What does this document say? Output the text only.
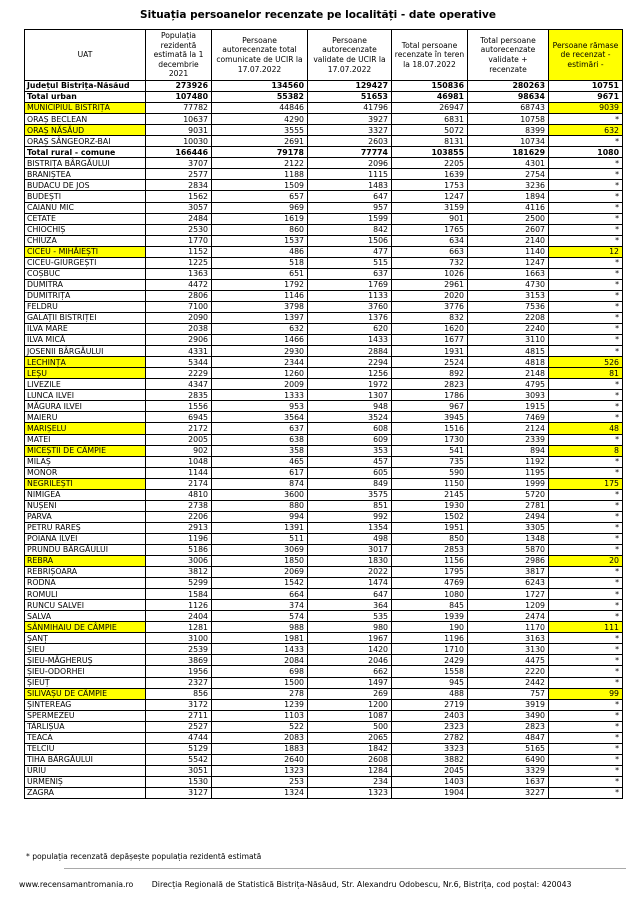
Situația persoanelor recenzate pe localități - date operative
UAT	Populația rezidentă estimată la 1 decembrie 2021	Persoane autorecenzate total comunicate de UCIR la 17.07.2022	Persoane autorecenzate validate de UCIR la 17.07.2022	Total persoane recenzate în teren la 18.07.2022	Total persoane autorecenzate validate + recenzate	Persoane rămase de recenzat - estimări -
Județul Bistrița-Năsăud	273926	134560	129427	150836	280263	10751
Total urban	107480	55382	51653	46981	98634	9671
MUNICIPIUL BISTRIȚA	77782	44846	41796	26947	68743	9039
ORAȘ BECLEAN	10637	4290	3927	6831	10758	*
ORAȘ NĂSĂUD	9031	3555	3327	5072	8399	632
ORAȘ SÂNGEORZ-BAI	10030	2691	2603	8131	10734	*
Total rural - comune	166446	79178	77774	103855	181629	1080
BISTRIȚA BÂRGĂULUI	3707	2122	2096	2205	4301	*
BRANIȘTEA	2577	1188	1115	1639	2754	*
BUDACU DE JOS	2834	1509	1483	1753	3236	*
BUDEȘTI	1562	657	647	1247	1894	*
CAIANU MIC	3057	969	957	3159	4116	*
CETATE	2484	1619	1599	901	2500	*
CHIOCHIȘ	2530	860	842	1765	2607	*
CHIUZA	1770	1537	1506	634	2140	*
CICEU - MIHĂIEȘTI	1152	486	477	663	1140	12
CICEU-GIURGEȘTI	1225	518	515	732	1247	*
COȘBUC	1363	651	637	1026	1663	*
DUMITRA	4472	1792	1769	2961	4730	*
DUMITRIȚA	2806	1146	1133	2020	3153	*
FELDRU	7100	3798	3760	3776	7536	*
GALAȚII BISTRIȚEI	2090	1397	1376	832	2208	*
ILVA MARE	2038	632	620	1620	2240	*
ILVA MICĂ	2906	1466	1433	1677	3110	*
JOSENII BÂRGĂULUI	4331	2930	2884	1931	4815	*
LECHINȚA	5344	2344	2294	2524	4818	526
LEȘU	2229	1260	1256	892	2148	81
LIVEZILE	4347	2009	1972	2823	4795	*
LUNCA ILVEI	2835	1333	1307	1786	3093	*
MĂGURA ILVEI	1556	953	948	967	1915	*
MAIERU	6945	3564	3524	3945	7469	*
MARIȘELU	2172	637	608	1516	2124	48
MATEI	2005	638	609	1730	2339	*
MICEȘTII DE CÂMPIE	902	358	353	541	894	8
MILAȘ	1048	465	457	735	1192	*
MONOR	1144	617	605	590	1195	*
NEGRILEȘTI	2174	874	849	1150	1999	175
NIMIGEA	4810	3600	3575	2145	5720	*
NUȘENI	2738	880	851	1930	2781	*
PARVA	2206	994	992	1502	2494	*
PETRU RAREȘ	2913	1391	1354	1951	3305	*
POIANA ILVEI	1196	511	498	850	1348	*
PRUNDU BÂRGĂULUI	5186	3069	3017	2853	5870	*
REBRA	3006	1850	1830	1156	2986	20
REBRIȘOARA	3812	2069	2022	1795	3817	*
RODNA	5299	1542	1474	4769	6243	*
ROMULI	1584	664	647	1080	1727	*
RUNCU SALVEI	1126	374	364	845	1209	*
SALVA	2404	574	535	1939	2474	*
SÂNMIHAIU DE CÂMPIE	1281	988	980	190	1170	111
ȘANȚ	3100	1981	1967	1196	3163	*
ȘIEU	2539	1433	1420	1710	3130	*
ȘIEU-MĂGHERUȘ	3869	2084	2046	2429	4475	*
ȘIEU-ODORHEI	1956	698	662	1558	2220	*
ȘIEUȚ	2327	1500	1497	945	2442	*
SILIVAȘU DE CÂMPIE	856	278	269	488	757	99
ȘINTEREAG	3172	1239	1200	2719	3919	*
SPERMEZEU	2711	1103	1087	2403	3490	*
TÂRLIȘUA	2527	522	500	2323	2823	*
TEACA	4744	2083	2065	2782	4847	*
TELCIU	5129	1883	1842	3323	5165	*
TIHA BÂRGĂULUI	5542	2640	2608	3882	6490	*
URIU	3051	1323	1284	2045	3329	*
URMENIȘ	1530	253	234	1403	1637	*
ZAGRA	3127	1324	1323	1904	3227	*
* populația recenzată depășește populația rezidentă estimată
www.recensamantromania.ro Direcția Regională de Statistică Bistrița-Năsăud, Str. Alexandru Odobescu, Nr.6, Bistrița, cod poștal: 420043
